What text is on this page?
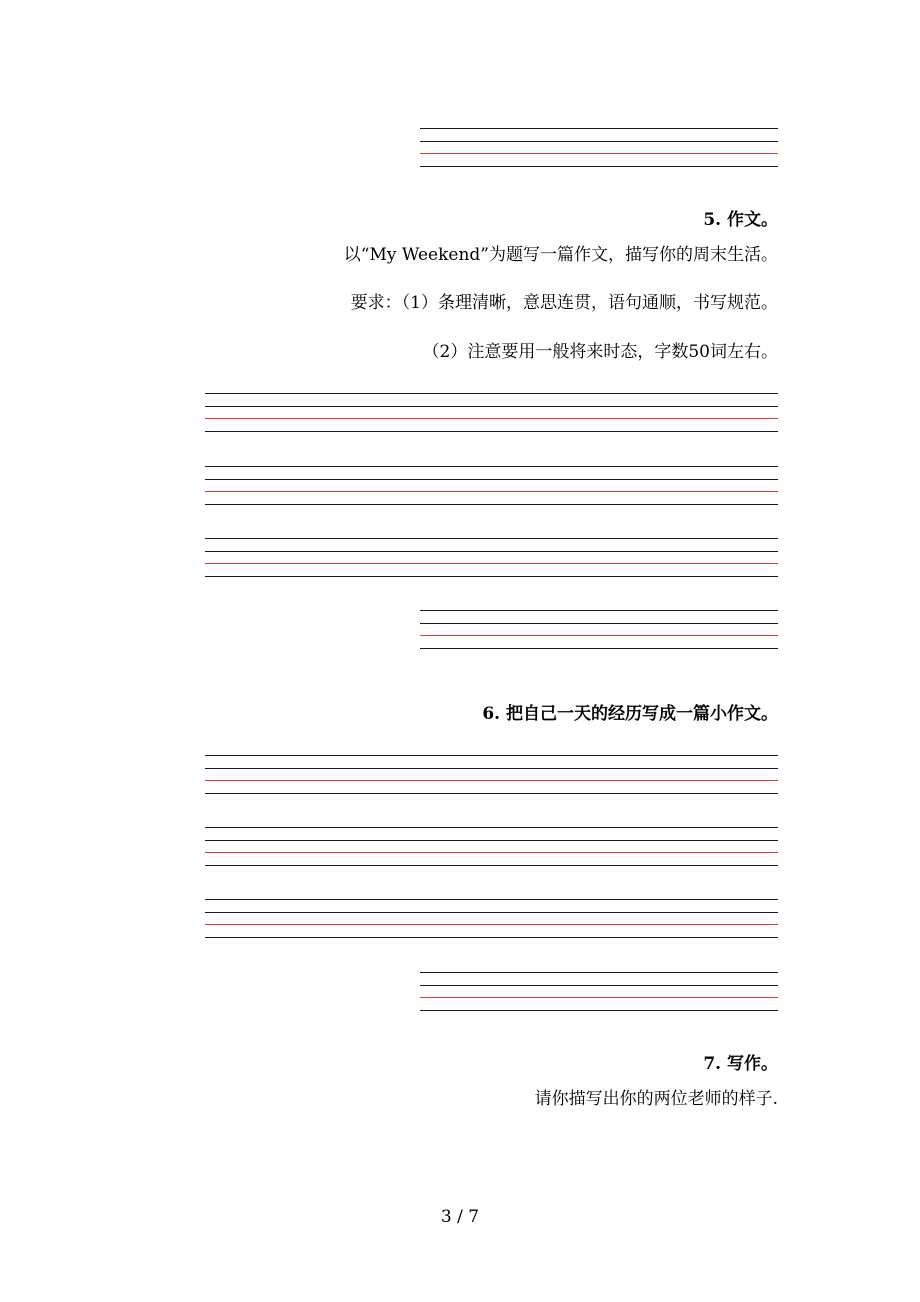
5. 作文。
以“My Weekend”为题写一篇作文，描写你的周末生活。
要求：（1）条理清晰，意思连贯，语句通顺，书写规范。
（2）注意要用一般将来时态，字数50词左右。
6. 把自己一天的经历写成一篇小作文。
7. 写作。
请你描写出你的两位老师的样子.
3 / 7
